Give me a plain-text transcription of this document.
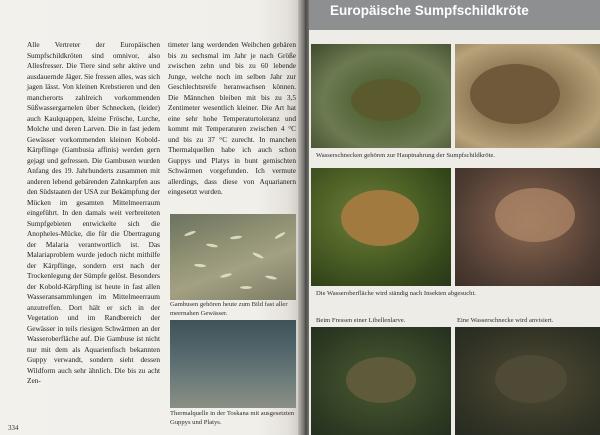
Alle Vertreter der Europäischen Sumpfschildkröten sind omnivor, also Allesfresser. Die Tiere sind sehr aktive und ausdauernde Jäger. Sie fressen alles, was sich jagen lässt. Von kleinen Krebstieren und den mancherorts zahlreich vorkommenden Süßwassergarnelen über Schnecken, (leider) auch Kaulquappen, kleine Frösche, Lurche, Molche und deren Larven. Die in fast jedem Gewässer vorkommenden kleinen Kobold-Kärpflinge (Gambusia affinis) werden gern gejagt und gefressen. Die Gambusen wurden Anfang des 19. Jahrhunderts zusammen mit anderen lebend gebärenden Zahnkarpfen aus den Südstaaten der USA zur Bekämpfung der Mücken im gesamten Mittelmeerraum eingeführt. In den damals weit verbreiteten Sumpfgebieten entwickelte sich die Anopheles-Mücke, die für die Übertragung der Malaria verantwortlich ist. Das Malariaproblem wurde jedoch nicht mithilfe der Kärpflinge, sondern erst nach der Trockenlegung der Sümpfe gelöst. Besonders der Kobold-Kärpfling ist heute in fast allen Wasseransammlungen im Mittelmeerraum anzutreffen. Dort hält er sich in der Vegetation und im Randbereich der Gewässer in teils riesigen Schwärmen an der Wasseroberfläche auf. Die Gambuse ist nicht nur mit dem als Aquarienfisch bekannten Guppy verwandt, sondern sieht dessen Wildform auch sehr ähnlich. Die bis zu acht Zen-

timeter lang werdenden Weibchen gebären bis zu sechsmal im Jahr je nach Größe zwischen zehn und bis zu 60 lebende Junge, welche noch im selben Jahr zur Geschlechtsreife heranwachsen können. Die Männchen bleiben mit bis zu 3,5 Zentimeter wesentlich kleiner. Die Art hat eine sehr hohe Temperaturtoleranz und kommt mit Temperaturen zwischen 4 °C und bis zu 37 °C zurecht. In manchen Thermalquellen habe ich auch schon Guppys und Platys in bunt gemischten Schwärmen vorgefunden. Ich vermute allerdings, dass diese von Aquarianern eingesetzt wurden.

334
Gambusen gehören heute zum Bild fast aller meernahen Gewässer.
Thermalquelle in der Toskana mit ausgesetzten Guppys und Platys.
Europäische Sumpfschildkröte
Wasserschnecken gehören zur Hauptnahrung der Sumpfschildkröte.
Die Wasseroberfläche wird ständig nach Insekten abgesucht.
Beim Fressen einer Libellenlarve.	Eine Wasserschnecke wird anvisiert.
